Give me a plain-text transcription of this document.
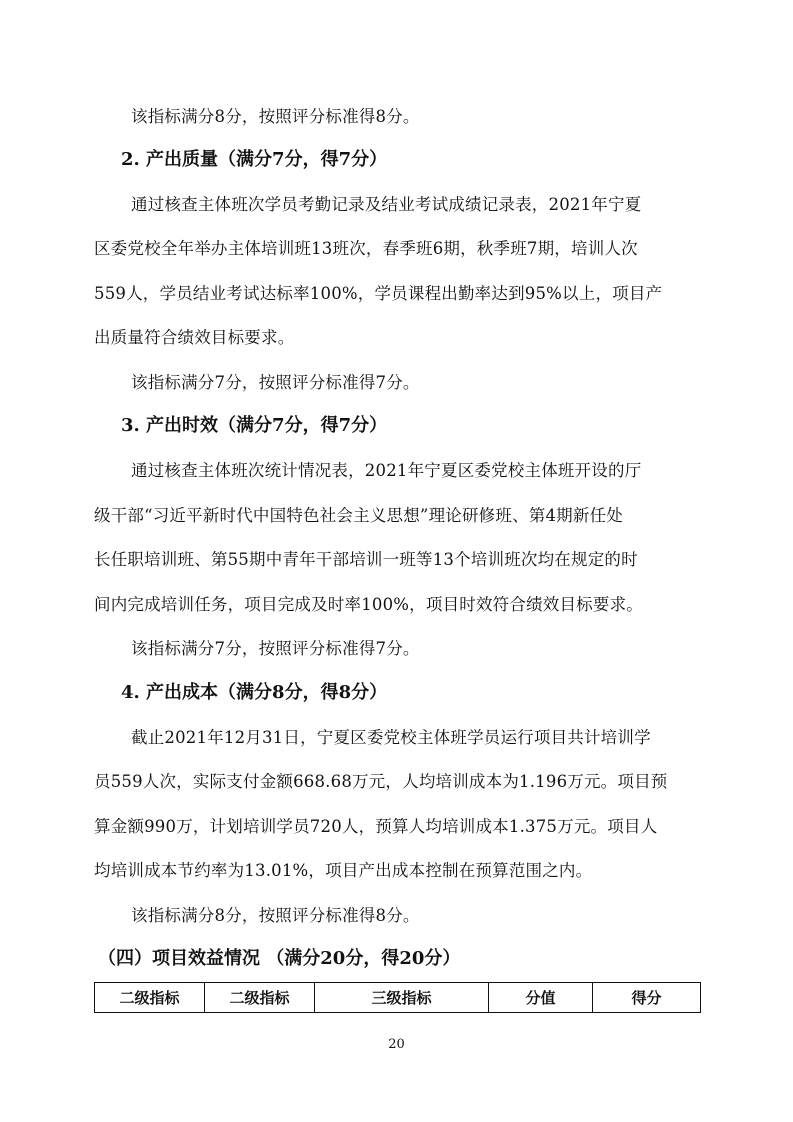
该指标满分8分，按照评分标准得8分。
2. 产出质量（满分7分，得7分）
通过核查主体班次学员考勤记录及结业考试成绩记录表，2021年宁夏
区委党校全年举办主体培训班13班次，春季班6期，秋季班7期，培训人次
559人，学员结业考试达标率100%，学员课程出勤率达到95%以上，项目产
出质量符合绩效目标要求。
该指标满分7分，按照评分标准得7分。
3. 产出时效（满分7分，得7分）
通过核查主体班次统计情况表，2021年宁夏区委党校主体班开设的厅
级干部“习近平新时代中国特色社会主义思想”理论研修班、第4期新任处
长任职培训班、第55期中青年干部培训一班等13个培训班次均在规定的时
间内完成培训任务，项目完成及时率100%，项目时效符合绩效目标要求。
该指标满分7分，按照评分标准得7分。
4. 产出成本（满分8分，得8分）
截止2021年12月31日，宁夏区委党校主体班学员运行项目共计培训学
员559人次，实际支付金额668.68万元，人均培训成本为1.196万元。项目预
算金额990万，计划培训学员720人，预算人均培训成本1.375万元。项目人
均培训成本节约率为13.01%，项目产出成本控制在预算范围之内。
该指标满分8分，按照评分标准得8分。
（四）项目效益情况 （满分20分，得20分）
二级指标	二级指标	三级指标	分值	得分
20
